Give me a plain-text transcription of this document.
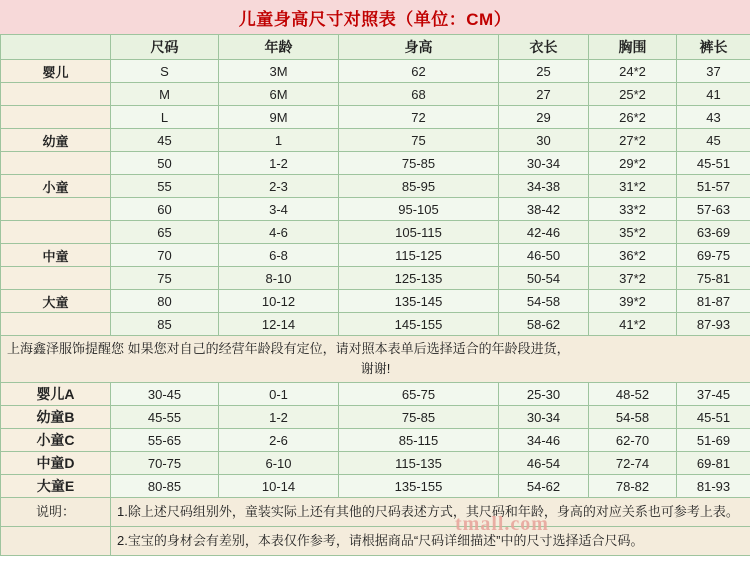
儿童身高尺寸对照表（单位：CM）
	尺码	年龄	身高	衣长	胸围	裤长
婴儿	S	3M	62	25	24*2	37
	M	6M	68	27	25*2	41
	L	9M	72	29	26*2	43
幼童	45	1	75	30	27*2	45
	50	1-2	75-85	30-34	29*2	45-51
小童	55	2-3	85-95	34-38	31*2	51-57
	60	3-4	95-105	38-42	33*2	57-63
	65	4-6	105-115	42-46	35*2	63-69
中童	70	6-8	115-125	46-50	36*2	69-75
	75	8-10	125-135	50-54	37*2	75-81
大童	80	10-12	135-145	54-58	39*2	81-87
	85	12-14	145-155	58-62	41*2	87-93

上海鑫泽服饰提醒您 如果您对自己的经营年龄段有定位，请对照本表单后选择适合的年龄段进货，
谢谢!						

婴儿A	30-45	0-1	65-75	25-30	48-52	37-45
幼童B	45-55	1-2	75-85	30-34	54-58	45-51
小童C	55-65	2-6	85-115	34-46	62-70	51-69
中童D	70-75	6-10	115-135	46-54	72-74	69-81
大童E	80-85	10-14	135-155	54-62	78-82	81-93
说明：	1.除上述尺码组别外，童装实际上还有其他的尺码表述方式，其尺码和年龄，身高的对应关系也可参考上表。					

	2.宝宝的身材会有差别，本表仅作参考，请根据商品“尺码详细描述”中的尺寸选择适合尺码。					
tmall.com
